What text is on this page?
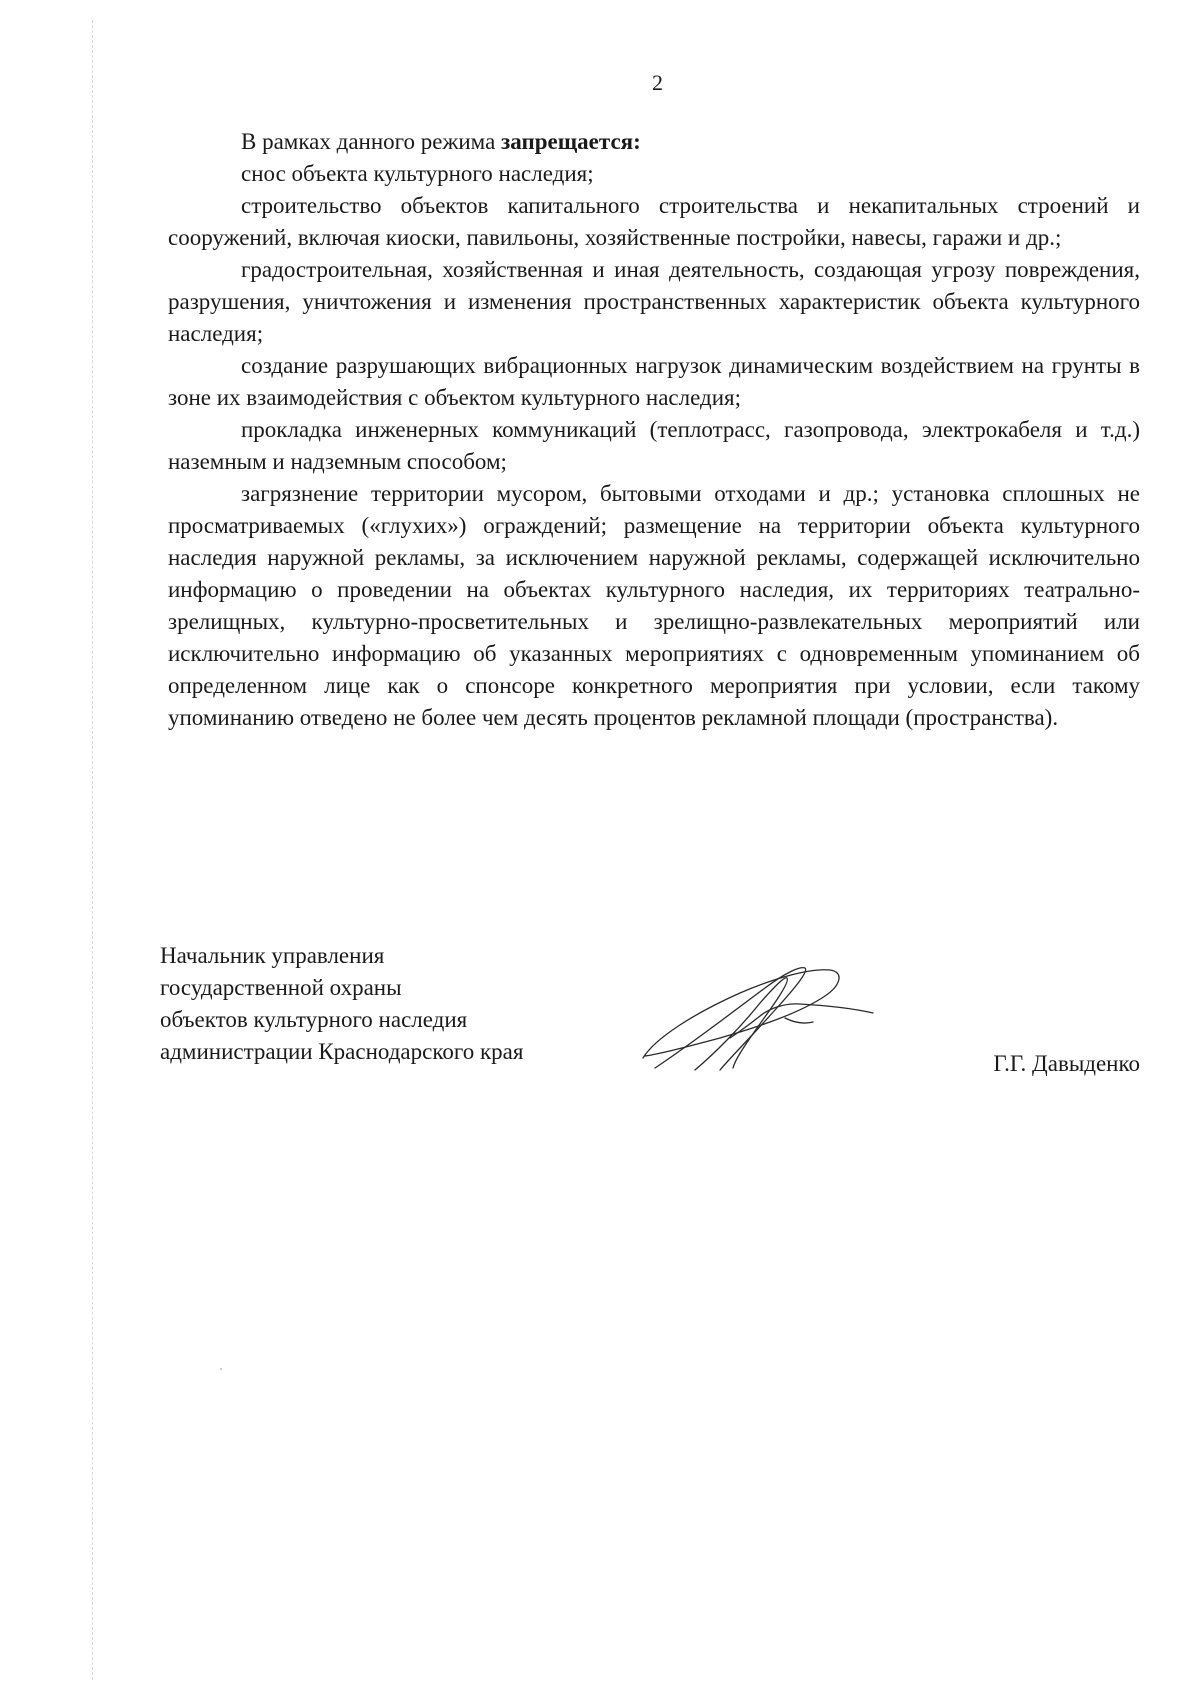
2

В рамках данного режима запрещается:

снос объекта культурного наследия;

строительство объектов капитального строительства и некапитальных строений и сооружений, включая киоски, павильоны, хозяйственные постройки, навесы, гаражи и др.;

градостроительная, хозяйственная и иная деятельность, создающая угрозу повреждения, разрушения, уничтожения и изменения пространственных характеристик объекта культурного наследия;

создание разрушающих вибрационных нагрузок динамическим воздействием на грунты в зоне их взаимодействия с объектом культурного наследия;

прокладка инженерных коммуникаций (теплотрасс, газопровода, электрокабеля и т.д.) наземным и надземным способом;

загрязнение территории мусором, бытовыми отходами и др.; установка сплошных не просматриваемых («глухих») ограждений; размещение на территории объекта культурного наследия наружной рекламы, за исключением наружной рекламы, содержащей исключительно информацию о проведении на объектах культурного наследия, их территориях театрально-зрелищных, культурно-просветительных и зрелищно-развлекательных мероприятий или исключительно информацию об указанных мероприятиях с одновременным упоминанием об определенном лице как о спонсоре конкретного мероприятия при условии, если такому упоминанию отведено не более чем десять процентов рекламной площади (пространства).

Начальник управления
государственной охраны
объектов культурного наследия
администрации Краснодарского края	Г.Г. Давыденко
